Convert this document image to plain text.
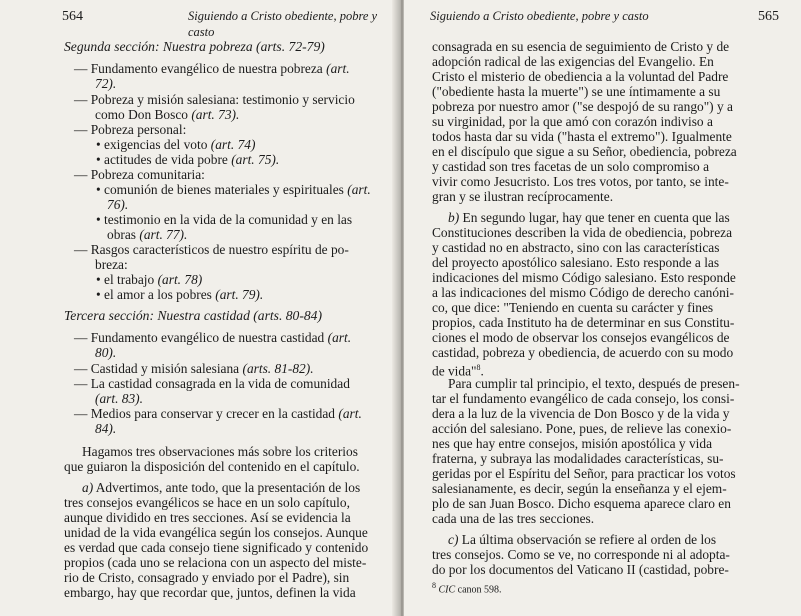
564	Siguiendo a Cristo obediente, pobre y casto
Segunda sección: Nuestra pobreza (arts. 72-79)
— Fundamento evangélico de nuestra pobreza (art.
72).
— Pobreza y misión salesiana: testimonio y servicio
como Don Bosco (art. 73).
— Pobreza personal:
• exigencias del voto (art. 74)
• actitudes de vida pobre (art. 75).
— Pobreza comunitaria:
• comunión de bienes materiales y espirituales (art.
76).
• testimonio en la vida de la comunidad y en las
obras (art. 77).
— Rasgos característicos de nuestro espíritu de po-
breza:
• el trabajo (art. 78)
• el amor a los pobres (art. 79).
Tercera sección: Nuestra castidad (arts. 80-84)
— Fundamento evangélico de nuestra castidad (art.
80).
— Castidad y misión salesiana (arts. 81-82).
— La castidad consagrada en la vida de comunidad
(art. 83).
— Medios para conservar y crecer en la castidad (art.
84).
Hagamos tres observaciones más sobre los criterios
que guiaron la disposición del contenido en el capítulo.
a) Advertimos, ante todo, que la presentación de los
tres consejos evangélicos se hace en un solo capítulo,
aunque dividido en tres secciones. Así se evidencia la
unidad de la vida evangélica según los consejos. Aunque
es verdad que cada consejo tiene significado y contenido
propios (cada uno se relaciona con un aspecto del miste-
rio de Cristo, consagrado y enviado por el Padre), sin
embargo, hay que recordar que, juntos, definen la vida
Siguiendo a Cristo obediente, pobre y casto	565
consagrada en su esencia de seguimiento de Cristo y de
adopción radical de las exigencias del Evangelio. En
Cristo el misterio de obediencia a la voluntad del Padre
("obediente hasta la muerte") se une íntimamente a su
pobreza por nuestro amor ("se despojó de su rango") y a
su virginidad, por la que amó con corazón indiviso a
todos hasta dar su vida ("hasta el extremo"). Igualmente
en el discípulo que sigue a su Señor, obediencia, pobreza
y castidad son tres facetas de un solo compromiso a
vivir como Jesucristo. Los tres votos, por tanto, se inte-
gran y se ilustran recíprocamente.
b) En segundo lugar, hay que tener en cuenta que las
Constituciones describen la vida de obediencia, pobreza
y castidad no en abstracto, sino con las características
del proyecto apostólico salesiano. Esto responde a las
indicaciones del mismo Código salesiano. Esto responde
a las indicaciones del mismo Código de derecho canóni-
co, que dice: "Teniendo en cuenta su carácter y fines
propios, cada Instituto ha de determinar en sus Constitu-
ciones el modo de observar los consejos evangélicos de
castidad, pobreza y obediencia, de acuerdo con su modo
de vida"$^8$.
Para cumplir tal principio, el texto, después de presen-
tar el fundamento evangélico de cada consejo, los consi-
dera a la luz de la vivencia de Don Bosco y de la vida y
acción del salesiano. Pone, pues, de relieve las conexio-
nes que hay entre consejos, misión apostólica y vida
fraterna, y subraya las modalidades características, su-
geridas por el Espíritu del Señor, para practicar los votos
salesianamente, es decir, según la enseñanza y el ejem-
plo de san Juan Bosco. Dicho esquema aparece claro en
cada una de las tres secciones.
c) La última observación se refiere al orden de los
tres consejos. Como se ve, no corresponde ni al adopta-
do por los documentos del Vaticano II (castidad, pobre-
$^8$ CIC canon 598.
